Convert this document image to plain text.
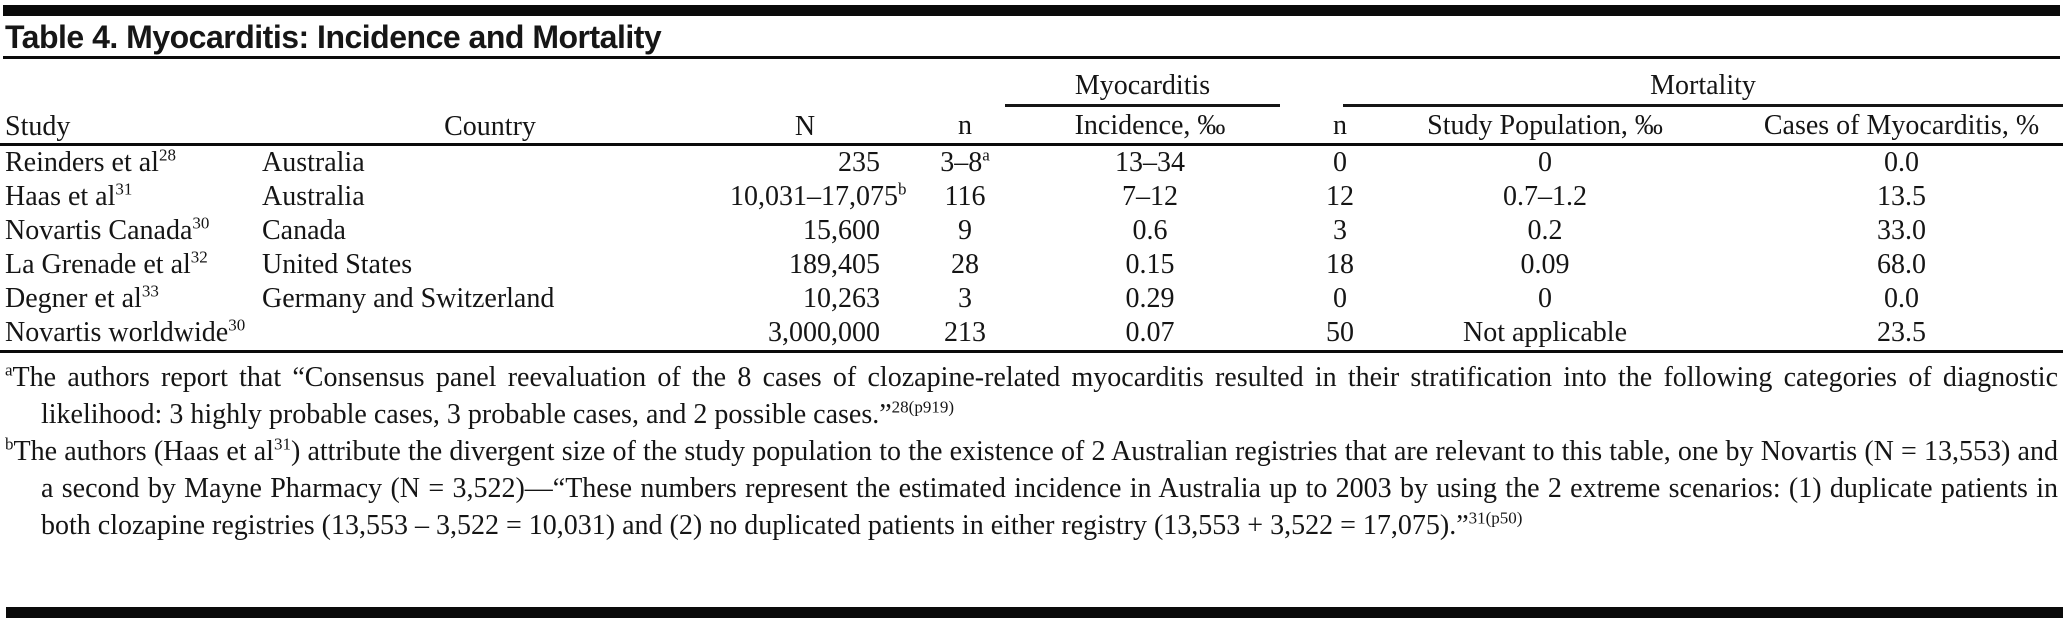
Table 4. Myocarditis: Incidence and Mortality
Study	Country	N	Myocarditis		Mortality		

			n	Incidence, ‰	n	Study Population, ‰	Cases of Myocarditis, %
Reinders et $al^{28}$	Australia	235	3–8$^a$	13–34	0	0	0.0
Haas et $al^{31}$	Australia	10,031–17,075$^b$	116	7–12	12	0.7–1.2	13.5
Novartis Canada$^{30}$	Canada	15,600	9	0.6	3	0.2	33.0
La Grenade et $al^{32}$	United States	189,405	28	0.15	18	0.09	68.0
Degner et $al^{33}$	Germany and Switzerland	10,263	3	0.29	0	0	0.0
Novartis worldwide$^{30}$		3,000,000	213	0.07	50	Not applicable	23.5

$^a$The authors report that “Consensus panel reevaluation of the 8 cases of clozapine-related myocarditis resulted in their stratification into the following categories of diagnostic likelihood: 3 highly probable cases, 3 probable cases, and 2 possible cases.”$^{28(p919)}$

$^b$The authors (Haas et $al^{31}$) attribute the divergent size of the study population to the existence of 2 Australian registries that are relevant to this table, one by Novartis (N = 13,553) and a second by Mayne Pharmacy (N = 3,522)—“These numbers represent the estimated incidence in Australia up to 2003 by using the 2 extreme scenarios: (1) duplicate patients in both clozapine registries (13,553 – 3,522 = 10,031) and (2) no duplicated patients in either registry (13,553 + 3,522 = 17,075).”$^{31(p50)}$
